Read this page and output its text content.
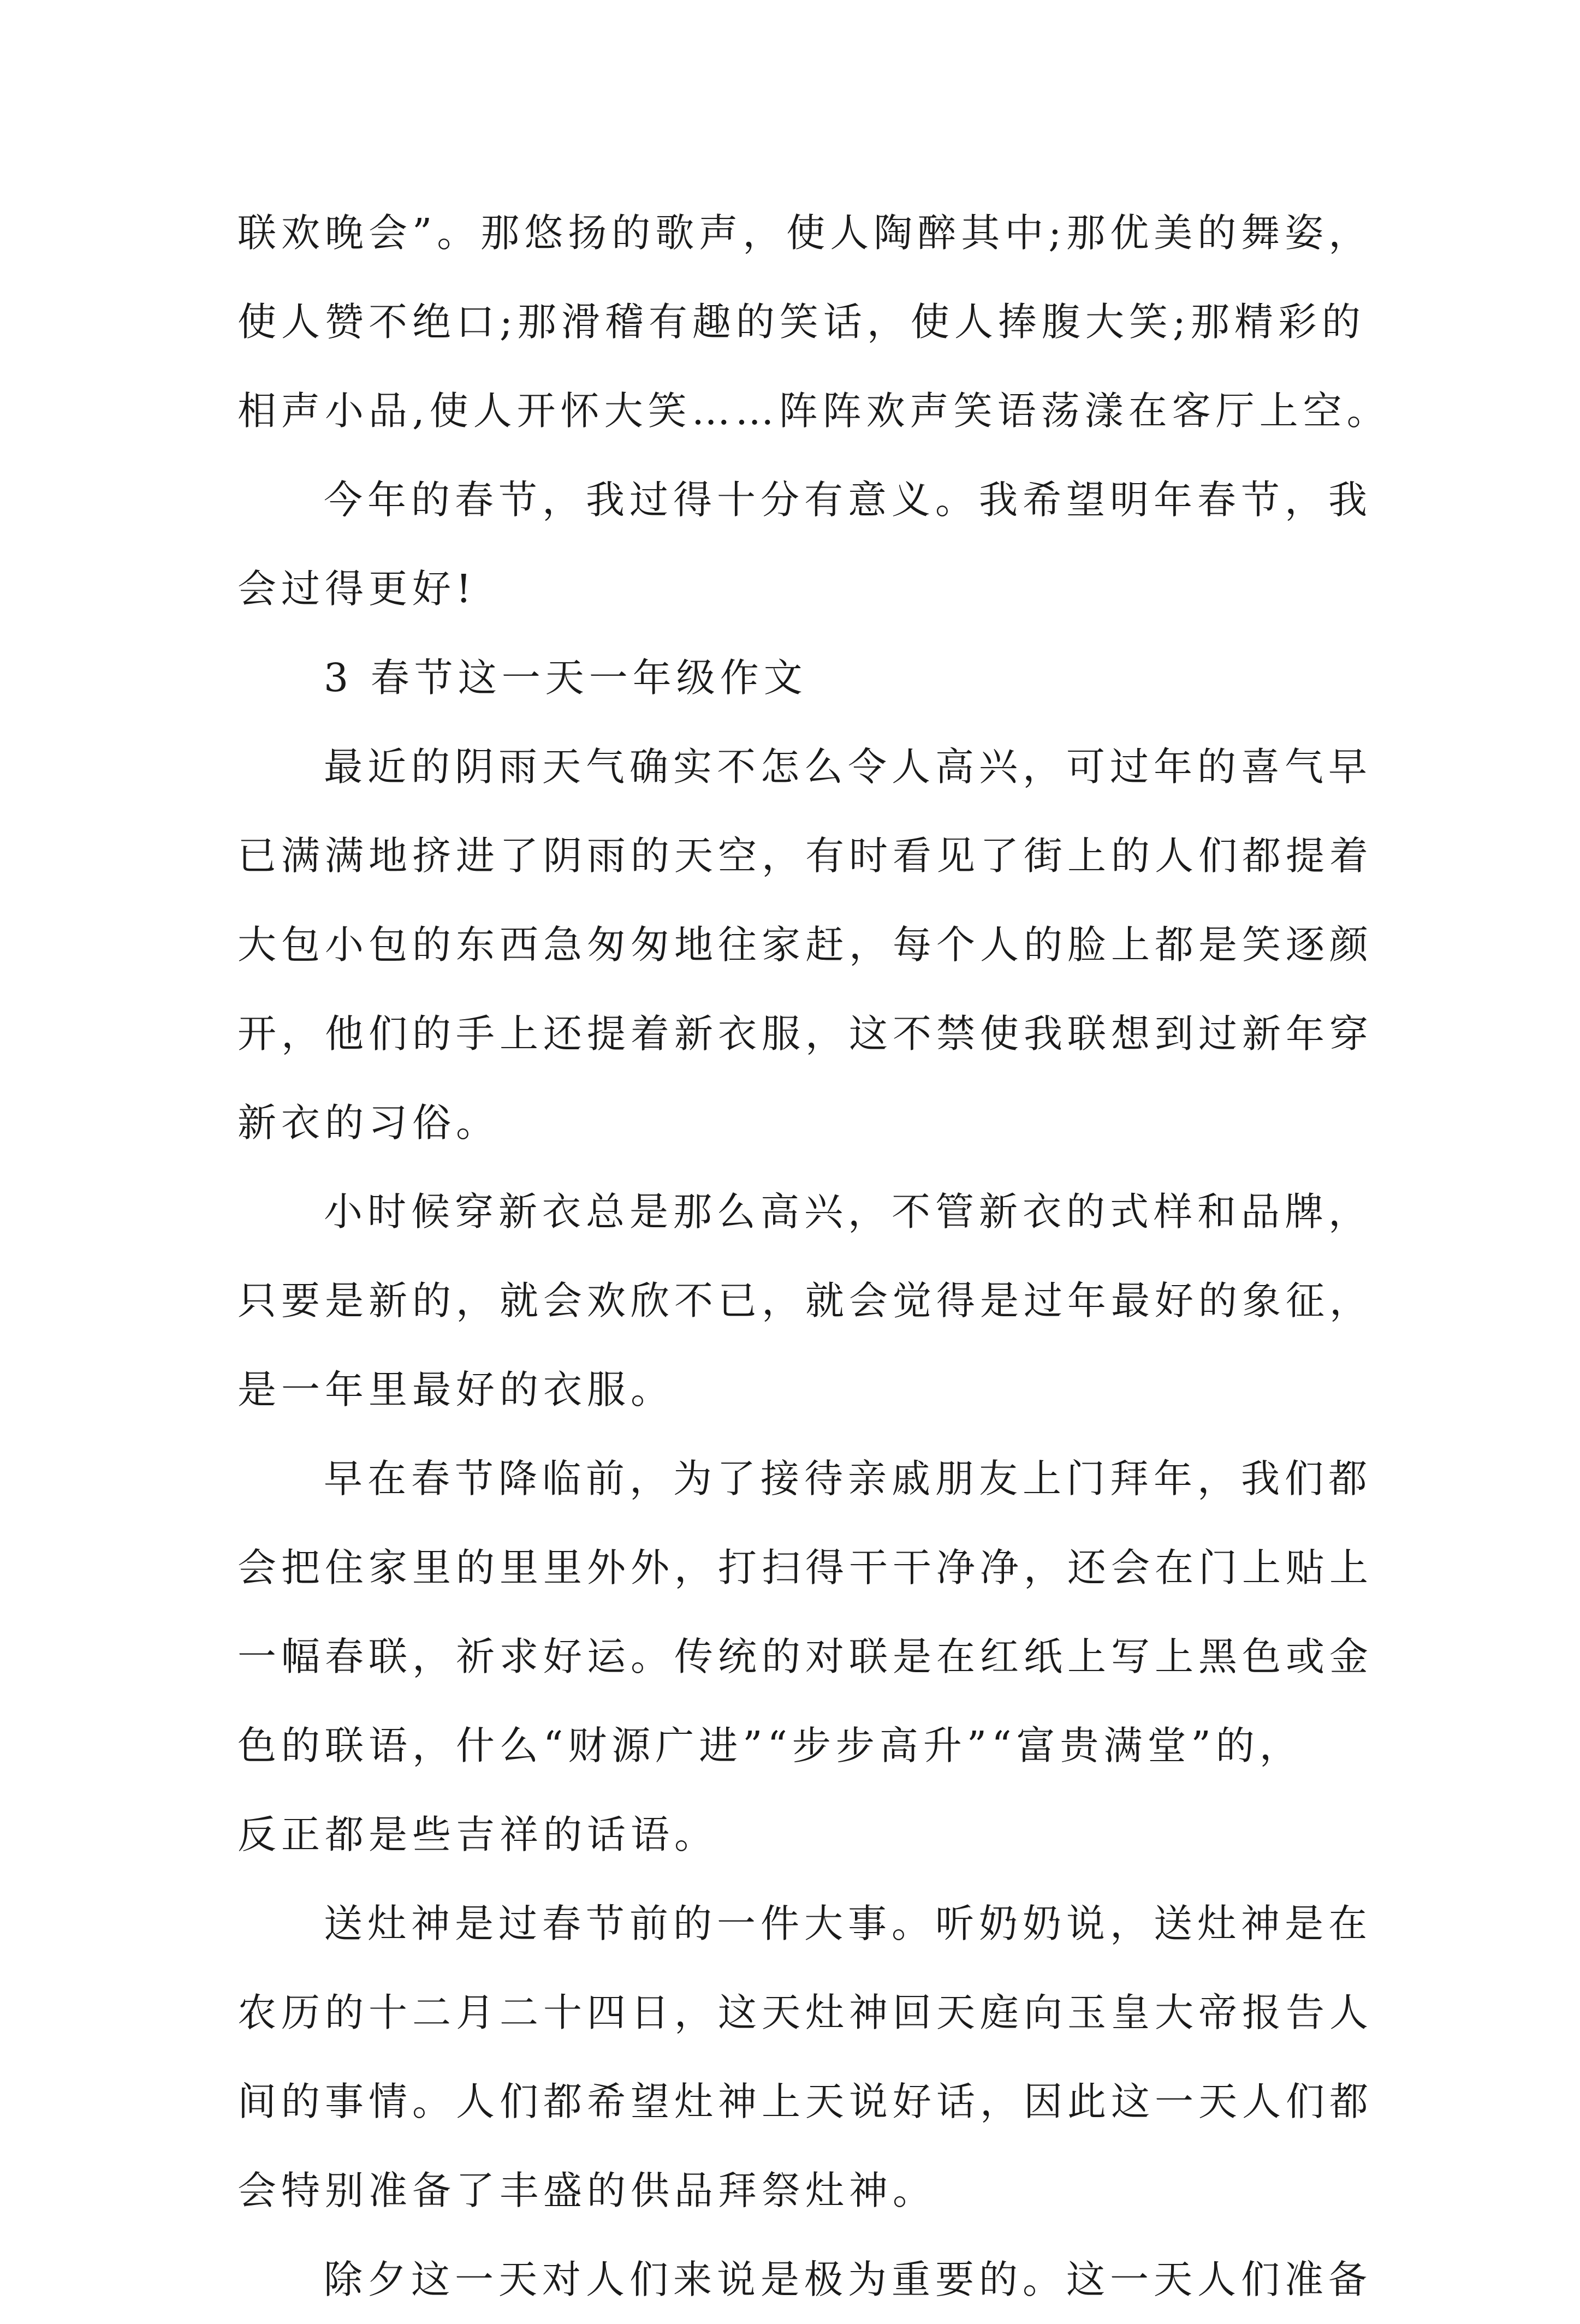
联欢晚会”。那悠扬的歌声，使人陶醉其中;那优美的舞姿，
使人赞不绝口;那滑稽有趣的笑话，使人捧腹大笑;那精彩的
相声小品,使人开怀大笑……阵阵欢声笑语荡漾在客厅上空。
今年的春节，我过得十分有意义。我希望明年春节，我
会过得更好!
3 春节这一天一年级作文
最近的阴雨天气确实不怎么令人高兴，可过年的喜气早
已满满地挤进了阴雨的天空，有时看见了街上的人们都提着
大包小包的东西急匆匆地往家赶，每个人的脸上都是笑逐颜
开，他们的手上还提着新衣服，这不禁使我联想到过新年穿
新衣的习俗。
小时候穿新衣总是那么高兴，不管新衣的式样和品牌，
只要是新的，就会欢欣不已，就会觉得是过年最好的象征，
是一年里最好的衣服。
早在春节降临前，为了接待亲戚朋友上门拜年，我们都
会把住家里的里里外外，打扫得干干净净，还会在门上贴上
一幅春联，祈求好运。传统的对联是在红纸上写上黑色或金
色的联语，什么“财源广进”“步步高升”“富贵满堂”的，
反正都是些吉祥的话语。
送灶神是过春节前的一件大事。听奶奶说，送灶神是在
农历的十二月二十四日，这天灶神回天庭向玉皇大帝报告人
间的事情。人们都希望灶神上天说好话，因此这一天人们都
会特别准备了丰盛的供品拜祭灶神。
除夕这一天对人们来说是极为重要的。这一天人们准备
